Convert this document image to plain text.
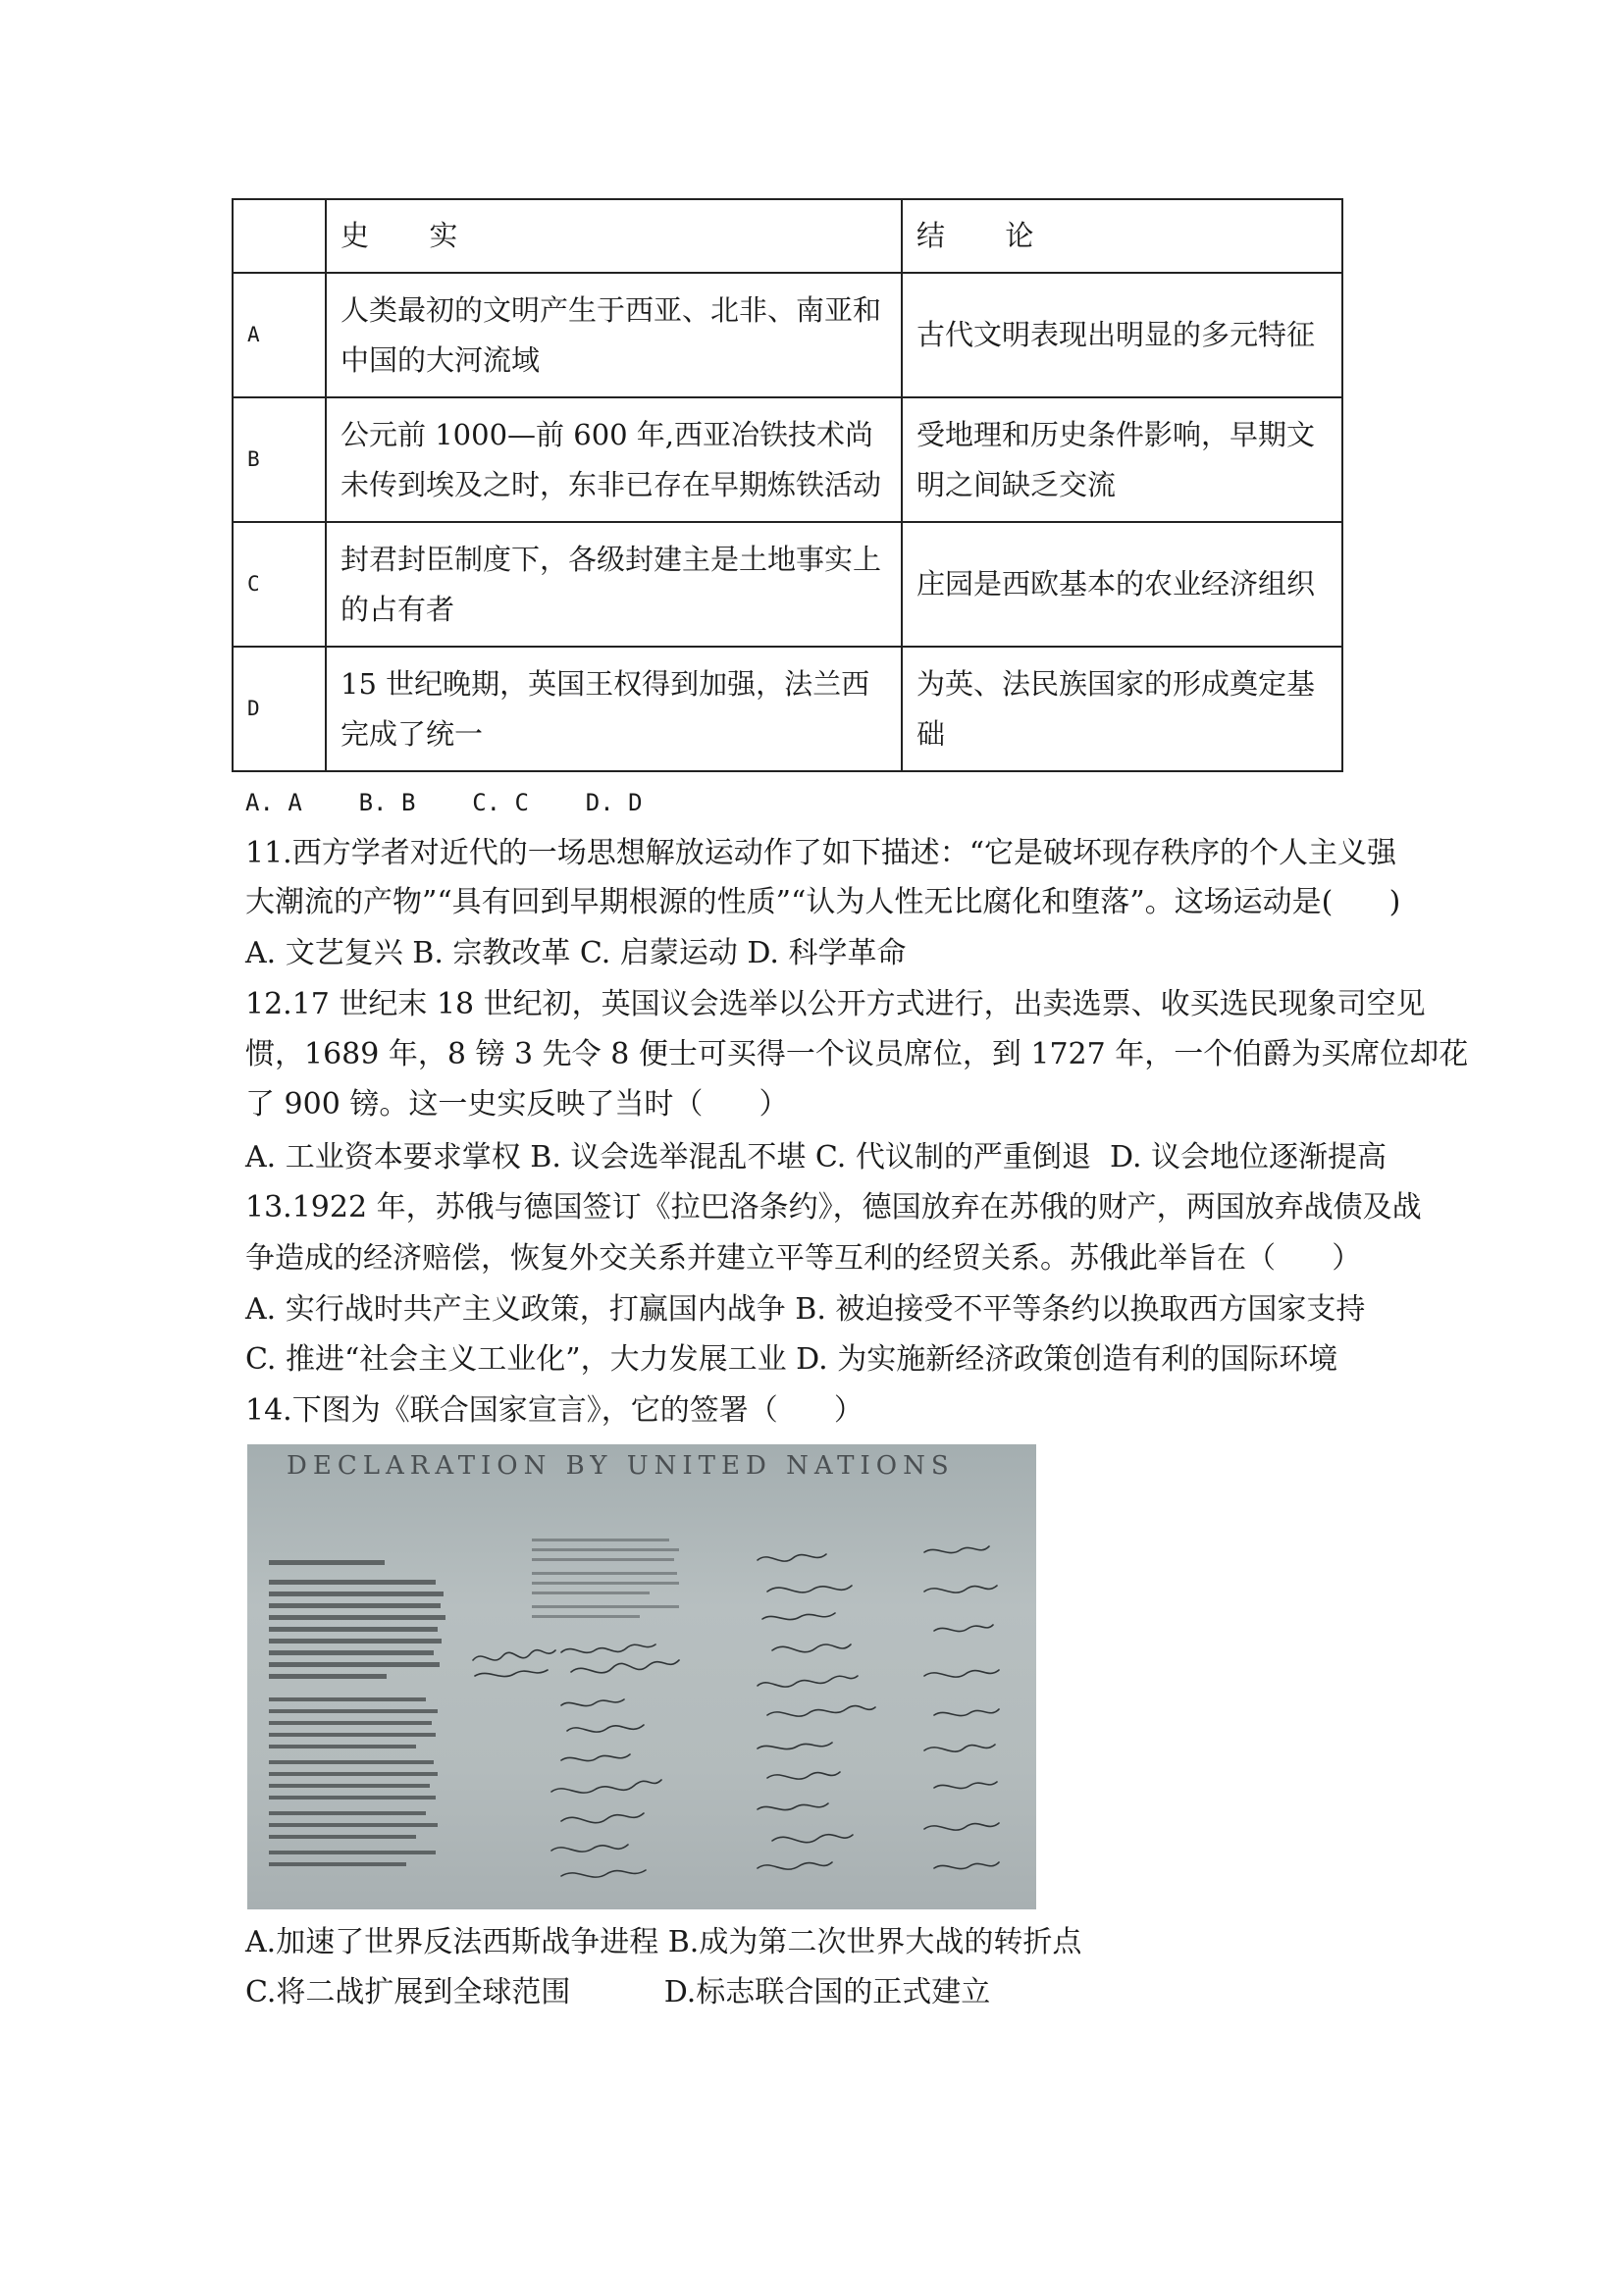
	史 实	结 论
A	人类最初的文明产生于西亚、北非、南亚和中国的大河流域	古代文明表现出明显的多元特征
B	公元前 1000—前 600 年,西亚冶铁技术尚未传到埃及之时，东非已存在早期炼铁活动	受地理和历史条件影响，早期文明之间缺乏交流
C	封君封臣制度下，各级封建主是土地事实上的占有者	庄园是西欧基本的农业经济组织
D	15 世纪晚期，英国王权得到加强，法兰西完成了统一	为英、法民族国家的形成奠定基础
A. A    B. B    C. C    D. D
11.西方学者对近代的一场思想解放运动作了如下描述：“它是破坏现存秩序的个人主义强
大潮流的产物”“具有回到早期根源的性质”“认为人性无比腐化和堕落”。这场运动是(      )
A. 文艺复兴 B. 宗教改革 C. 启蒙运动 D. 科学革命
12.17 世纪末 18 世纪初，英国议会选举以公开方式进行，出卖选票、收买选民现象司空见
惯，1689 年，8 镑 3 先令 8 便士可买得一个议员席位，到 1727 年，一个伯爵为买席位却花
了 900 镑。这一史实反映了当时（      ）
A. 工业资本要求掌权 B. 议会选举混乱不堪 C. 代议制的严重倒退  D. 议会地位逐渐提高
13.1922 年，苏俄与德国签订《拉巴洛条约》，德国放弃在苏俄的财产，两国放弃战债及战
争造成的经济赔偿，恢复外交关系并建立平等互利的经贸关系。苏俄此举旨在（      ）
A. 实行战时共产主义政策，打赢国内战争 B. 被迫接受不平等条约以换取西方国家支持
C. 推进“社会主义工业化”，大力发展工业 D. 为实施新经济政策创造有利的国际环境
14.下图为《联合国家宣言》，它的签署（      ）
DECLARATION BY UNITED NATIONS
A.加速了世界反法西斯战争进程 B.成为第二次世界大战的转折点
C.将二战扩展到全球范围          D.标志联合国的正式建立
